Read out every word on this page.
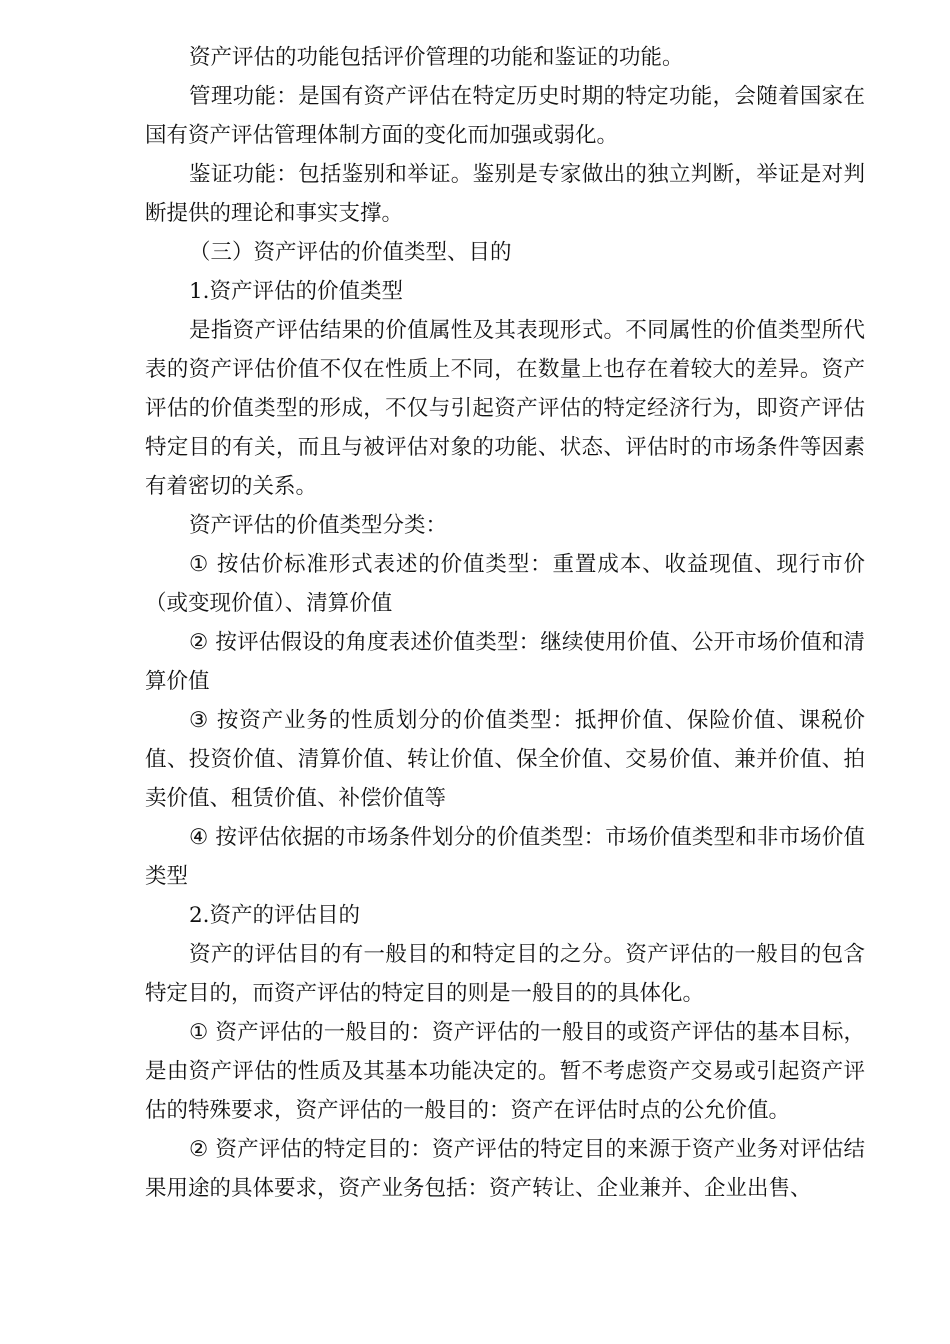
资产评估的功能包括评价管理的功能和鉴证的功能。

管理功能：是国有资产评估在特定历史时期的特定功能，会随着国家在国有资产评估管理体制方面的变化而加强或弱化。

鉴证功能：包括鉴别和举证。鉴别是专家做出的独立判断，举证是对判断提供的理论和事实支撑。

（三）资产评估的价值类型、目的

1.资产评估的价值类型

是指资产评估结果的价值属性及其表现形式。不同属性的价值类型所代表的资产评估价值不仅在性质上不同，在数量上也存在着较大的差异。资产评估的价值类型的形成，不仅与引起资产评估的特定经济行为，即资产评估特定目的有关，而且与被评估对象的功能、状态、评估时的市场条件等因素有着密切的关系。

资产评估的价值类型分类：

① 按估价标准形式表述的价值类型：重置成本、收益现值、现行市价（或变现价值）、清算价值

② 按评估假设的角度表述价值类型：继续使用价值、公开市场价值和清算价值

③ 按资产业务的性质划分的价值类型：抵押价值、保险价值、课税价值、投资价值、清算价值、转让价值、保全价值、交易价值、兼并价值、拍卖价值、租赁价值、补偿价值等

④ 按评估依据的市场条件划分的价值类型：市场价值类型和非市场价值类型

2.资产的评估目的

资产的评估目的有一般目的和特定目的之分。资产评估的一般目的包含特定目的，而资产评估的特定目的则是一般目的的具体化。

① 资产评估的一般目的：资产评估的一般目的或资产评估的基本目标，是由资产评估的性质及其基本功能决定的。暂不考虑资产交易或引起资产评估的特殊要求，资产评估的一般目的：资产在评估时点的公允价值。

② 资产评估的特定目的：资产评估的特定目的来源于资产业务对评估结果用途的具体要求，资产业务包括：资产转让、企业兼并、企业出售、
